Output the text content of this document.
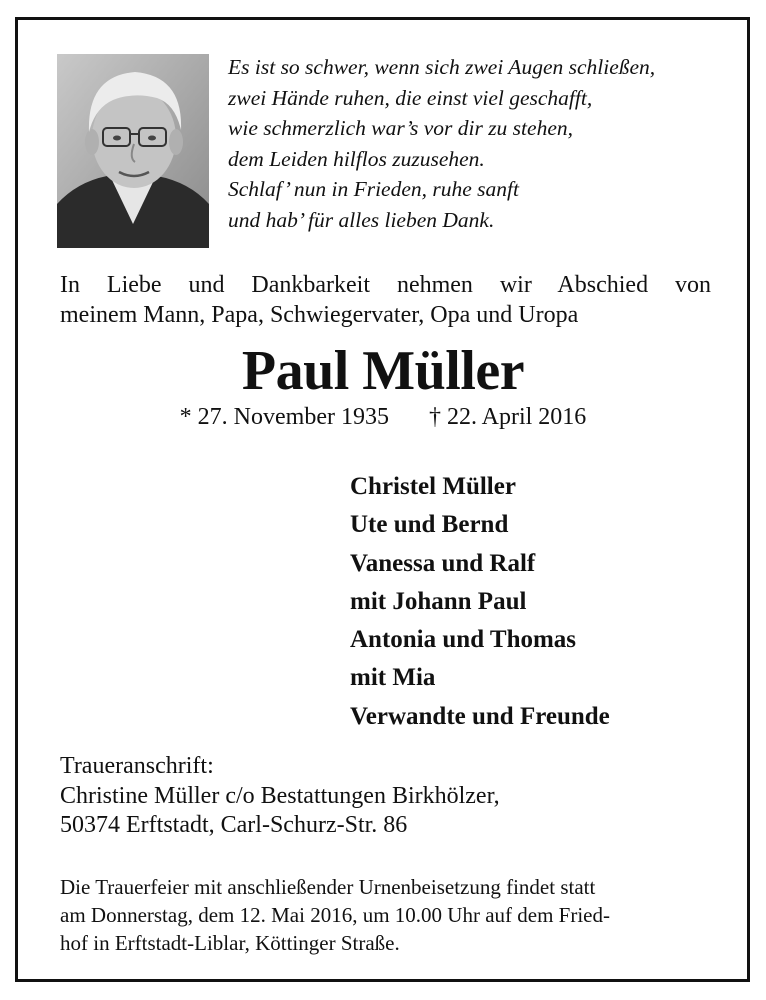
Es ist so schwer, wenn sich zwei Augen schließen,
zwei Hände ruhen, die einst viel geschafft,
wie schmerzlich war’s vor dir zu stehen,
dem Leiden hilflos zuzusehen.
Schlaf’ nun in Frieden, ruhe sanft
und hab’ für alles lieben Dank.
In Liebe und Dankbarkeit nehmen wir Abschied von
meinem Mann, Papa, Schwiegervater, Opa und Uropa
Paul Müller
* 27. November 1935 † 22. April 2016
Christel Müller
Ute und Bernd
Vanessa und Ralf
mit Johann Paul
Antonia und Thomas
mit Mia
Verwandte und Freunde
Traueranschrift:
Christine Müller c/o Bestattungen Birkhölzer,
50374 Erftstadt, Carl-Schurz-Str. 86
Die Trauerfeier mit anschließender Urnenbeisetzung findet statt
am Donnerstag, dem 12. Mai 2016, um 10.00 Uhr auf dem Fried-
hof in Erftstadt-Liblar, Köttinger Straße.
